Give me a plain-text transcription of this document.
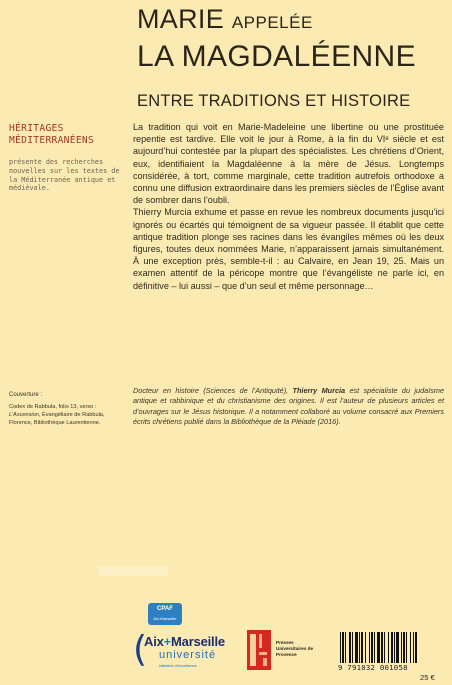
MARIE APPELÉE
LA MAGDALÉENNE
ENTRE TRADITIONS ET HISTOIRE
HÉRITAGES
MÉDITERRANÉENS
présente des recherches nouvelles sur les textes de la Méditerranée antique et médiévale.

La tradition qui voit en Marie-Madeleine une libertine ou une prostituée repentie est tardive. Elle voit le jour à Rome, à la fin du VIe siècle et est aujourd’hui contestée par la plupart des spécialistes. Les chrétiens d’Orient, eux, identifiaient la Magdaléenne à la mère de Jésus. Longtemps considérée, à tort, comme marginale, cette tradition autrefois orthodoxe a connu une diffusion extraordinaire dans les premiers siècles de l’Église avant de sombrer dans l’oubli.

Thierry Murcia exhume et passe en revue les nombreux documents jusqu’ici ignorés ou écartés qui témoignent de sa vigueur passée. Il établit que cette antique tradition plonge ses racines dans les évangiles mêmes où les deux figures, toutes deux nommées Marie, n’apparaissent jamais simultanément. À une exception près, semble-t-il : au Calvaire, en Jean 19, 25. Mais un examen attentif de la péricope montre que l’évangéliste ne parle ici, en définitive – lui aussi – que d’un seul et même personnage…

Docteur en histoire (Sciences de l’Antiquité), Thierry Murcia est spécialiste du judaïsme antique et rabbinique et du christianisme des origines. Il est l’auteur de plusieurs articles et d’ouvrages sur le Jésus historique. Il a notamment collaboré au volume consacré aux Premiers écrits chrétiens publié dans la Bibliothèque de la Pléiade (2016).
Couverture :
Codex de Rabbula, folio 13, verso : L’Ascension, Évangéliaire de Rabbula, Florence, Bibliothèque Laurentienne.
CPAF
Aix-Marseille
(
Aix+Marseille
université
Initiative d'excellence
Presses Universitaires de Provence
9 791032 001058
25 €
